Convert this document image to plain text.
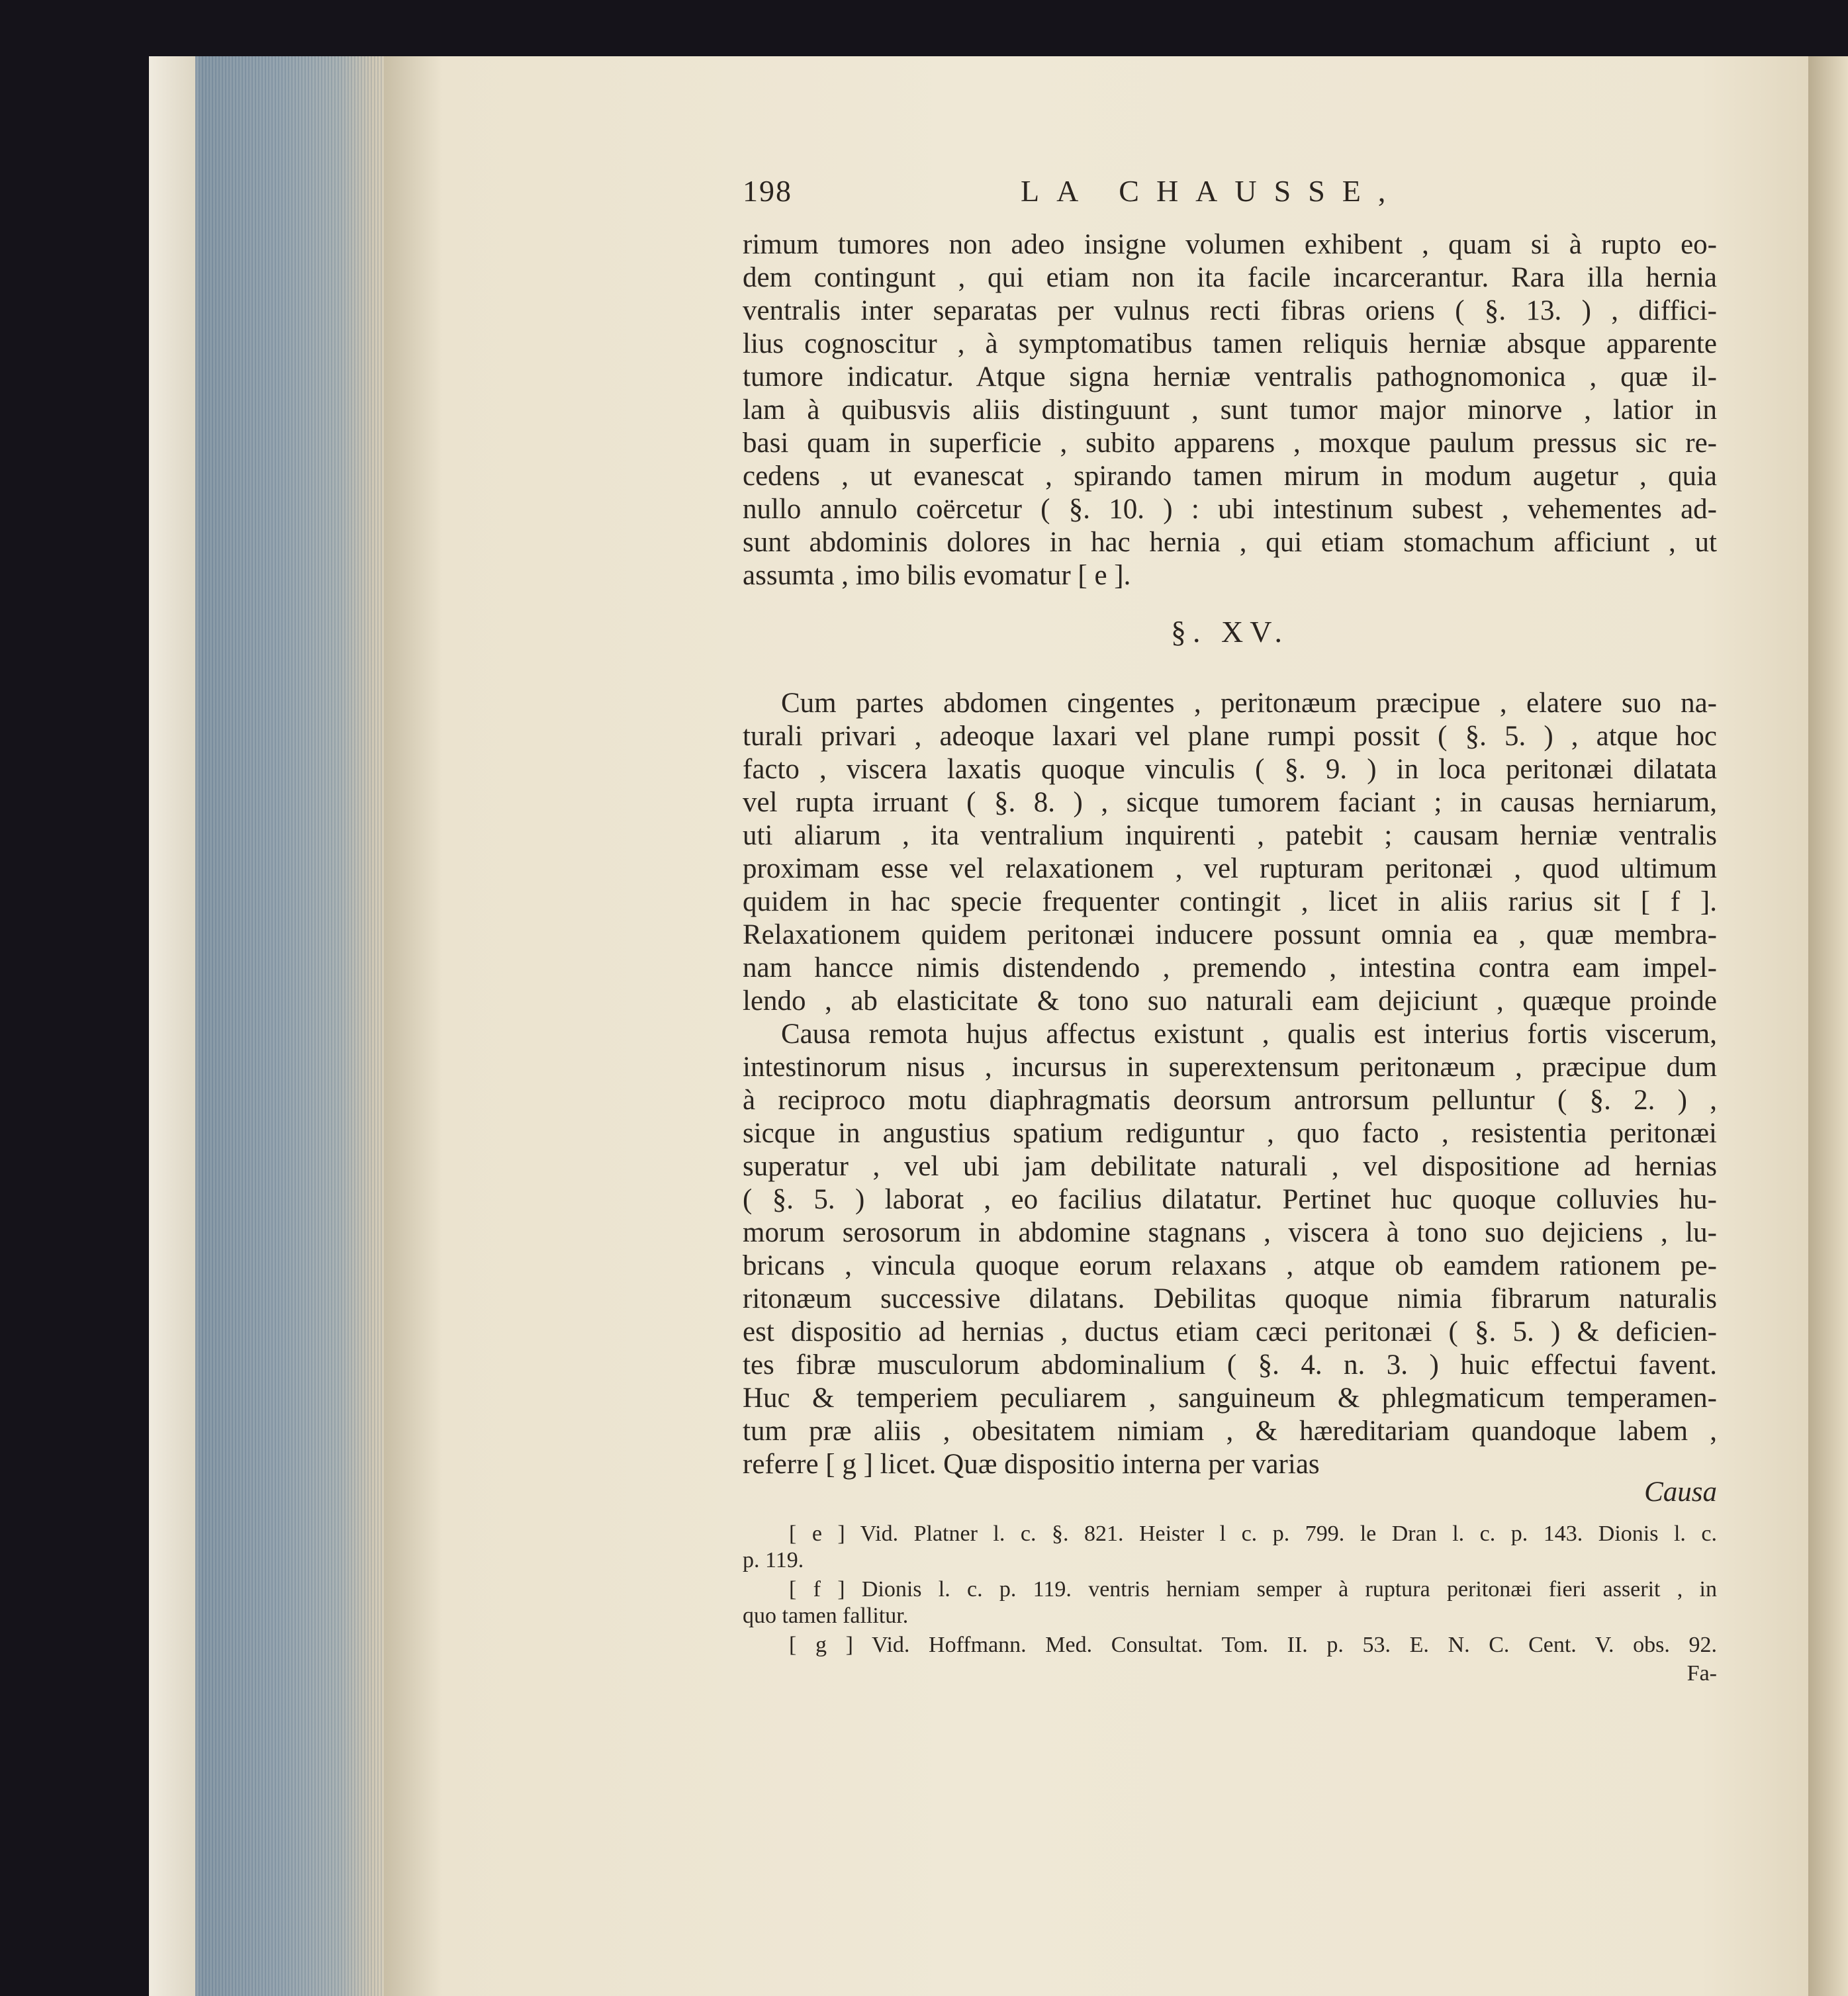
198	LA CHAUSSE,
rimum tumores non adeo insigne volumen exhibent , quam si à rupto eo-
dem contingunt , qui etiam non ita facile incarcerantur. Rara illa hernia
ventralis inter separatas per vulnus recti fibras oriens ( §. 13. ) , diffici-
lius cognoscitur , à symptomatibus tamen reliquis herniæ absque apparente
tumore indicatur. Atque signa herniæ ventralis pathognomonica , quæ il-
lam à quibusvis aliis distinguunt , sunt tumor major minorve , latior in
basi quam in superficie , subito apparens , moxque paulum pressus sic re-
cedens , ut evanescat , spirando tamen mirum in modum augetur , quia
nullo annulo coërcetur ( §. 10. ) : ubi intestinum subest , vehementes ad-
sunt abdominis dolores in hac hernia , qui etiam stomachum afficiunt , ut
assumta , imo bilis evomatur [ e ].
§. XV.
Cum partes abdomen cingentes , peritonæum præcipue , elatere suo na-
turali privari , adeoque laxari vel plane rumpi possit ( §. 5. ) , atque hoc
facto , viscera laxatis quoque vinculis ( §. 9. ) in loca peritonæi dilatata
vel rupta irruant ( §. 8. ) , sicque tumorem faciant ; in causas herniarum,
uti aliarum , ita ventralium inquirenti , patebit ; causam herniæ ventralis
proximam esse vel relaxationem , vel rupturam peritonæi , quod ultimum
quidem in hac specie frequenter contingit , licet in aliis rarius sit [ f ].
Relaxationem quidem peritonæi inducere possunt omnia ea , quæ membra-
nam hancce nimis distendendo , premendo , intestina contra eam impel-
lendo , ab elasticitate & tono suo naturali eam dejiciunt , quæque proinde
Causa remota hujus affectus existunt , qualis est interius fortis viscerum,
intestinorum nisus , incursus in superextensum peritonæum , præcipue dum
à reciproco motu diaphragmatis deorsum antrorsum pelluntur ( §. 2. ) ,
sicque in angustius spatium rediguntur , quo facto , resistentia peritonæi
superatur , vel ubi jam debilitate naturali , vel dispositione ad hernias
( §. 5. ) laborat , eo facilius dilatatur. Pertinet huc quoque colluvies hu-
morum serosorum in abdomine stagnans , viscera à tono suo dejiciens , lu-
bricans , vincula quoque eorum relaxans , atque ob eamdem rationem pe-
ritonæum successive dilatans. Debilitas quoque nimia fibrarum naturalis
est dispositio ad hernias , ductus etiam cæci peritonæi ( §. 5. ) & deficien-
tes fibræ musculorum abdominalium ( §. 4. n. 3. ) huic effectui favent.
Huc & temperiem peculiarem , sanguineum & phlegmaticum temperamen-
tum præ aliis , obesitatem nimiam , & hæreditariam quandoque labem ,
referre [ g ] licet. Quæ dispositio interna per varias
Causa
[ e ] Vid. Platner l. c. §. 821. Heister l c. p. 799. le Dran l. c. p. 143. Dionis l. c.
p. 119.
[ f ] Dionis l. c. p. 119. ventris herniam semper à ruptura peritonæi fieri asserit , in
quo tamen fallitur.
[ g ] Vid. Hoffmann. Med. Consultat. Tom. II. p. 53. E. N. C. Cent. V. obs. 92.
Fa-
